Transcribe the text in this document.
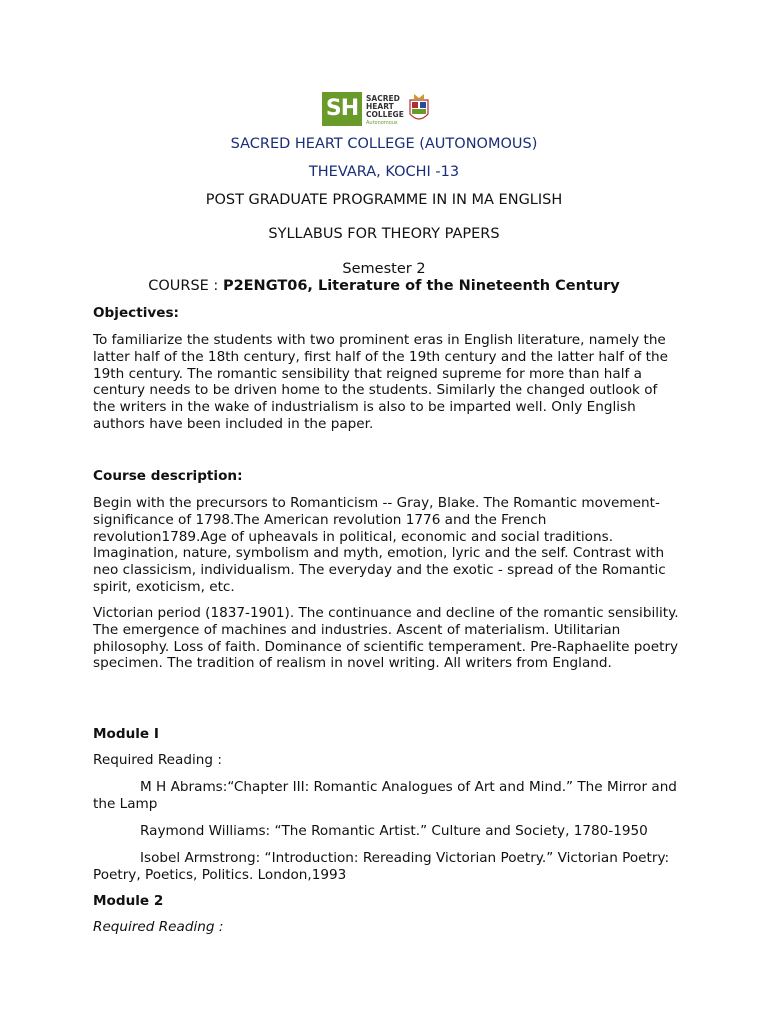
SH	SACRED
HEART
COLLEGE
Autonomous
SACRED HEART COLLEGE (AUTONOMOUS)
THEVARA, KOCHI -13
POST GRADUATE PROGRAMME IN IN MA ENGLISH
SYLLABUS FOR THEORY PAPERS
Semester 2
COURSE : P2ENGT06, Literature of the Nineteenth Century
Objectives:
To familiarize the students with two prominent eras in English literature, namely the latter half of the 18th century, first half of the 19th century and the latter half of the 19th century. The romantic sensibility that reigned supreme for more than half a century needs to be driven home to the students. Similarly the changed outlook of the writers in the wake of industrialism is also to be imparted well. Only English authors have been included in the paper.
Course description:
Begin with the precursors to Romanticism -- Gray, Blake. The Romantic movement-significance of 1798.The American revolution 1776 and the French revolution1789.Age of upheavals in political, economic and social traditions. Imagination, nature, symbolism and myth, emotion, lyric and the self. Contrast with neo classicism, individualism. The everyday and the exotic - spread of the Romantic spirit, exoticism, etc.
Victorian period (1837-1901). The continuance and decline of the romantic sensibility. The emergence of machines and industries. Ascent of materialism. Utilitarian philosophy. Loss of faith. Dominance of scientific temperament. Pre-Raphaelite poetry specimen. The tradition of realism in novel writing. All writers from England.
Module I
Required Reading :
M H Abrams:“Chapter III: Romantic Analogues of Art and Mind.” The Mirror and the Lamp
Raymond Williams: “The Romantic Artist.” Culture and Society, 1780-1950
Isobel Armstrong: “Introduction: Rereading Victorian Poetry.” Victorian Poetry: Poetry, Poetics, Politics. London,1993
Module 2
Required Reading :
